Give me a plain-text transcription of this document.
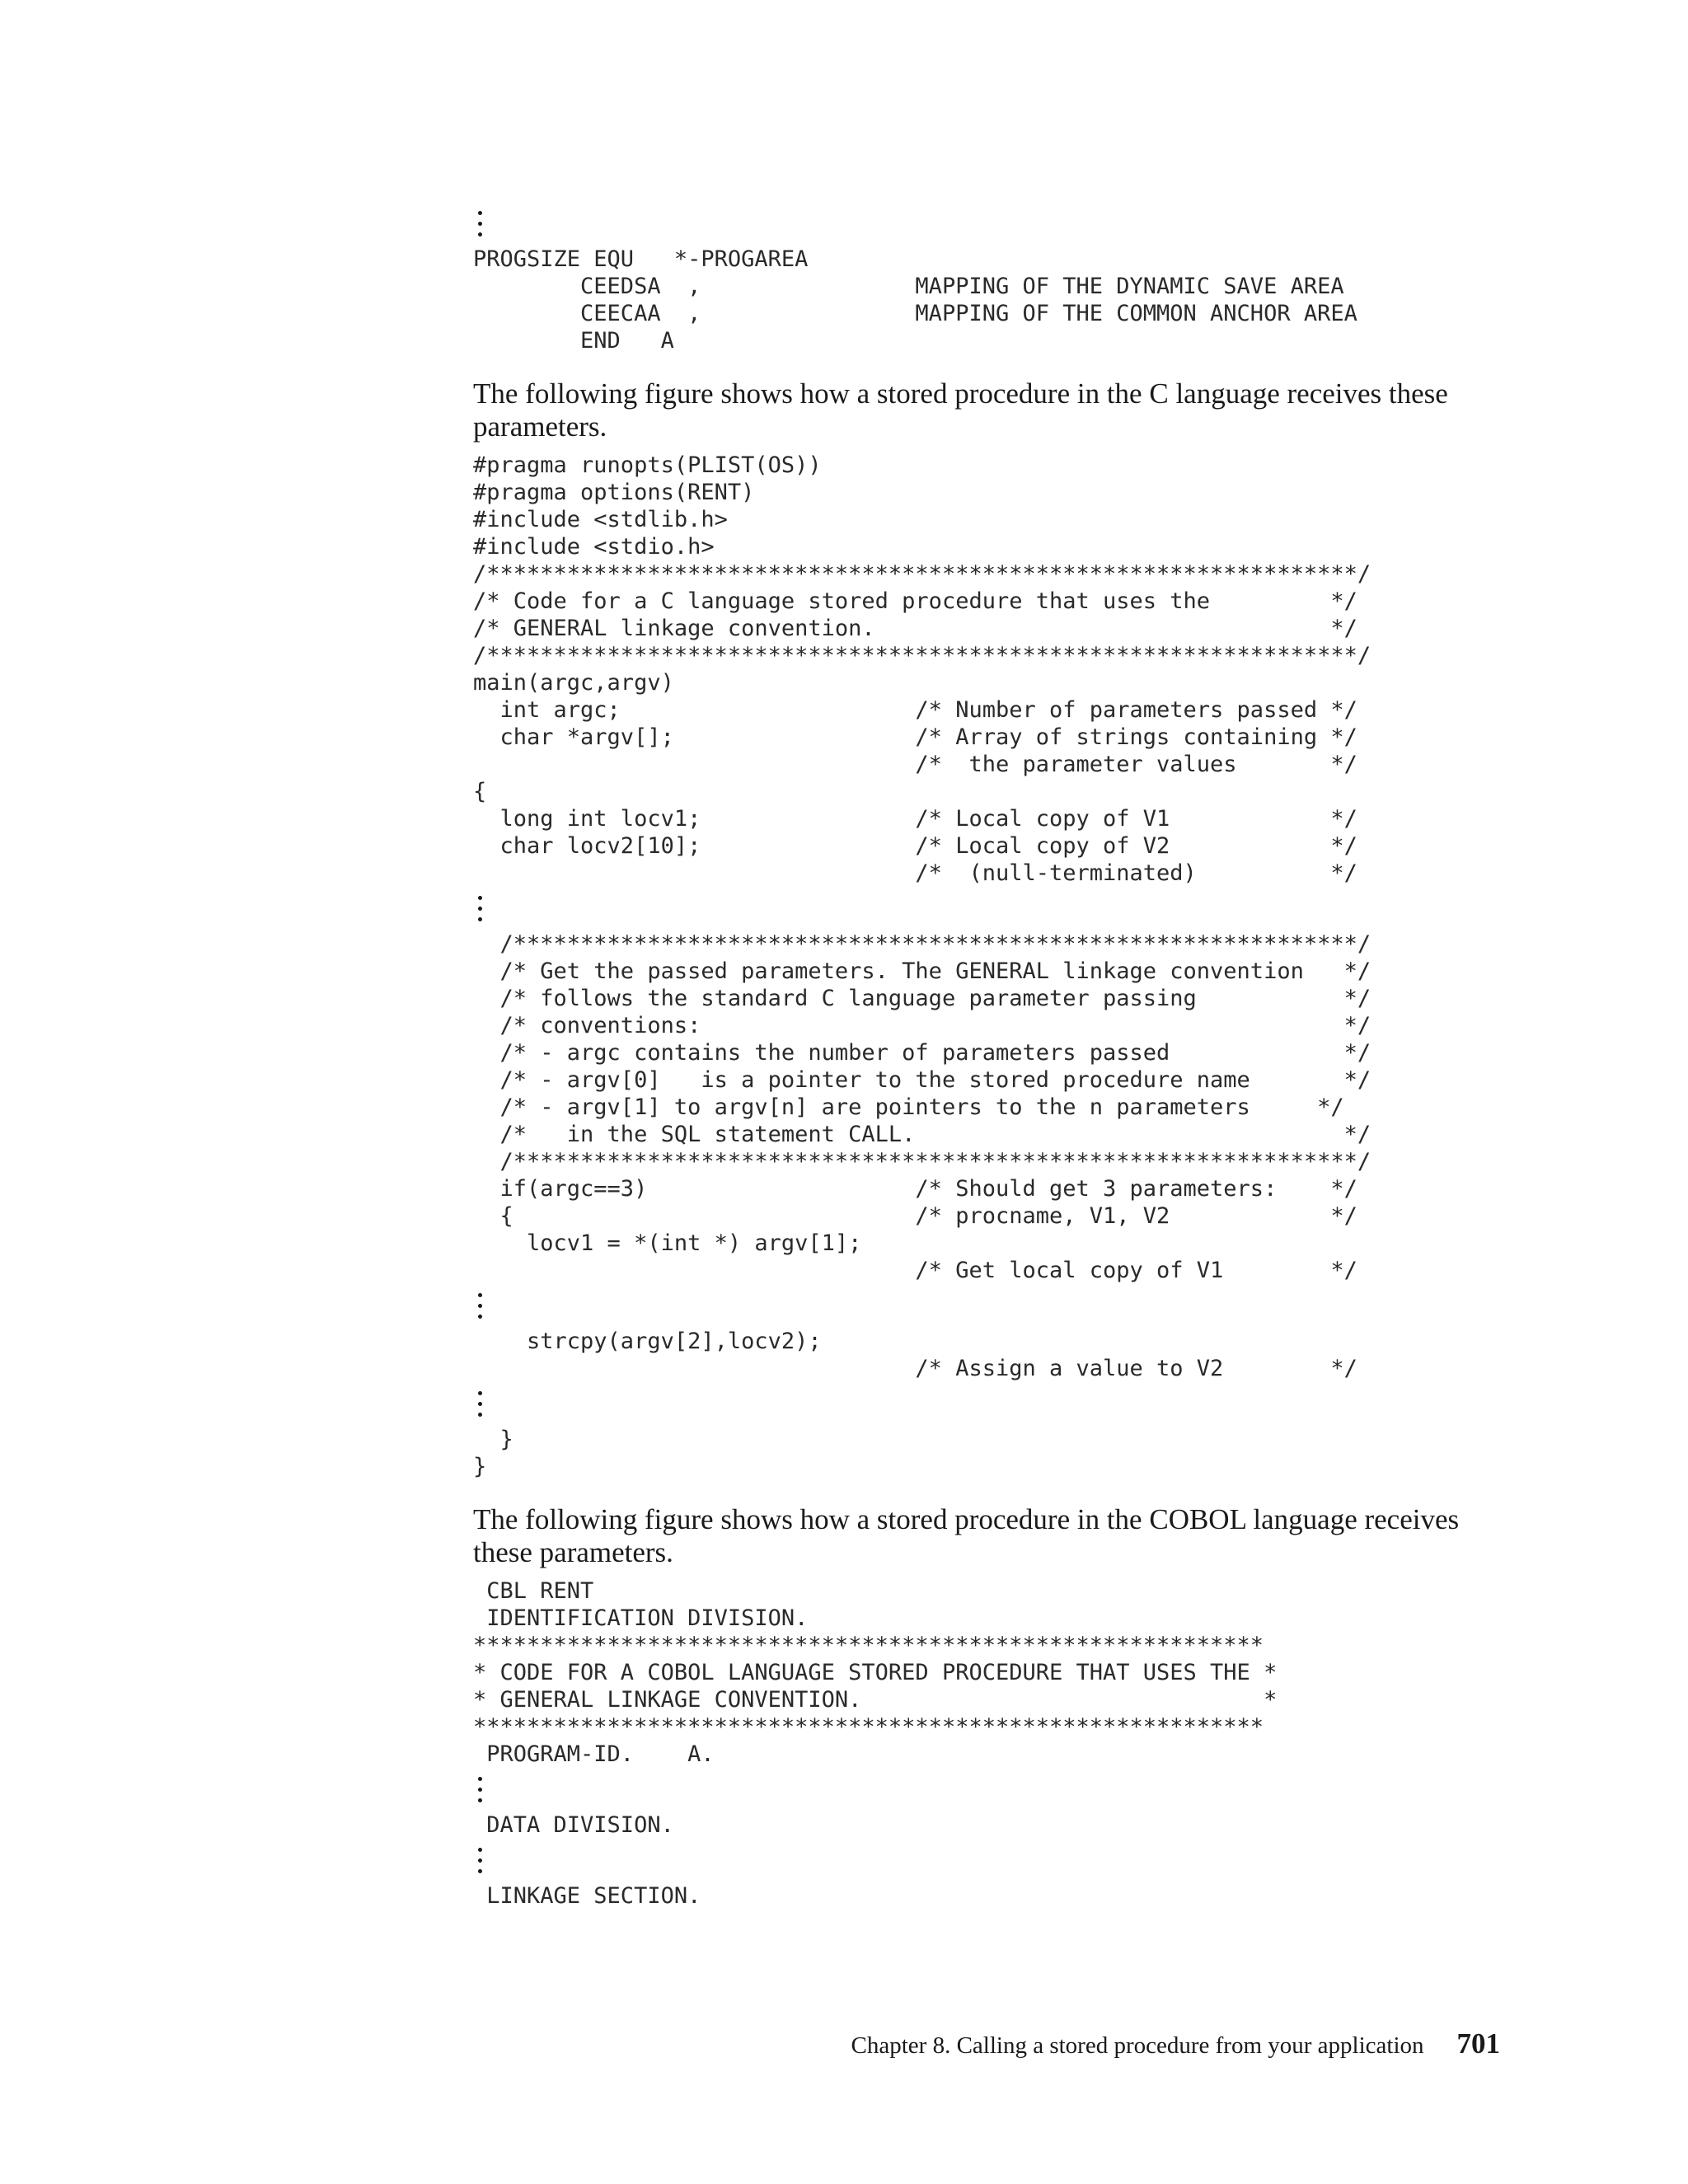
PROGSIZE EQU   *-PROGAREA
CEEDSA  ,                MAPPING OF THE DYNAMIC SAVE AREA
CEECAA  ,                MAPPING OF THE COMMON ANCHOR AREA
END   A

The following figure shows how a stored procedure in the C language receives these parameters.

#pragma runopts(PLIST(OS))
#pragma options(RENT)
#include <stdlib.h>
#include <stdio.h>
/*****************************************************************/
/* Code for a C language stored procedure that uses the         */
/* GENERAL linkage convention.                                  */
/*****************************************************************/
main(argc,argv)
int argc;                      /* Number of parameters passed */
char *argv[];                  /* Array of strings containing */
/*  the parameter values       */
{
long int locv1;                /* Local copy of V1            */
char locv2[10];                /* Local copy of V2            */
/*  (null-terminated)          */
/***************************************************************/
/* Get the passed parameters. The GENERAL linkage convention   */
/* follows the standard C language parameter passing           */
/* conventions:                                                */
/* - argc contains the number of parameters passed             */
/* - argv[0]   is a pointer to the stored procedure name       */
/* - argv[1] to argv[n] are pointers to the n parameters     */
/*   in the SQL statement CALL.                                */
/***************************************************************/
if(argc==3)                    /* Should get 3 parameters:    */
{                              /* procname, V1, V2            */
locv1 = *(int *) argv[1];
/* Get local copy of V1        */
strcpy(argv[2],locv2);
/* Assign a value to V2        */
}
}

The following figure shows how a stored procedure in the COBOL language receives these parameters.

CBL RENT
IDENTIFICATION DIVISION.
***********************************************************
* CODE FOR A COBOL LANGUAGE STORED PROCEDURE THAT USES THE *
* GENERAL LINKAGE CONVENTION.                              *
***********************************************************
PROGRAM-ID.    A.
DATA DIVISION.
LINKAGE SECTION.
Chapter 8. Calling a stored procedure from your application 701
